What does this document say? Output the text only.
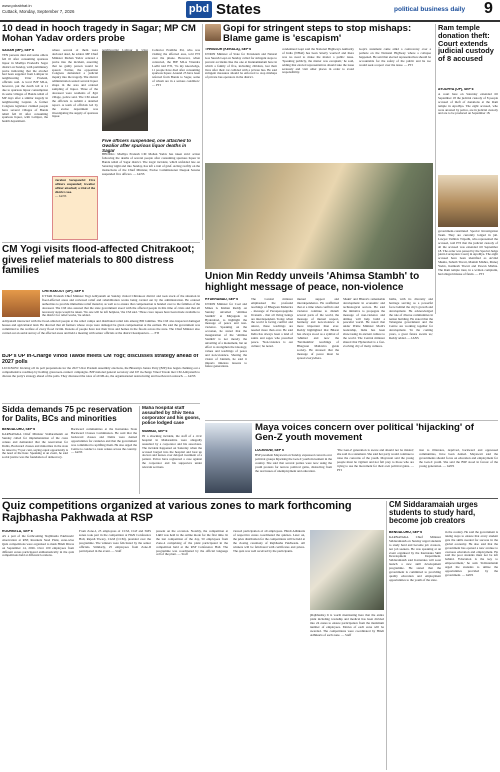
www.pdrabhat.in
Cuttack, Monday, September 7, 2026	pbd States	political business daily 9
10 dead in hooch tragedy in Sagar; MP CM Mohan Yadav orders probe
SAGAR (MP), SEP 6
TEN persons died and some others fell ill after consuming spurious liquor in Madhya Pradesh's Sagar district on Sunday, with preliminary probe indicating that the alcohol had been supplied from Lalitpur in neighbouring Uttar Pradesh, officials said. A local BJP MLA, however, put the death toll at 11 due to spurious liquor consumption in some villages of Banda tehsil of MP days after a similar tragedy in neighbouring Gujarat. A former Congress legislator claimed people have several villages of Banda tehsil fell ill after consuming spurious liquor, with Lalitpur, the health department.
where several of them were declared dead, he added. MP Chief Minister Mohan Yadav ordered a probe into the incident, asserting that no guilty person would be spared. Earlier, the opposition Congress demanded a judicial inquiry into the tragedy. The district administration sealed several liquor shops in the area and ordered sampling of liquor. Three of the deceased were residents of Jigri village, police said. The CM asked the officials to submit a detailed report. A team of officials led by the excise department was investigating the supply of spurious liquor.
Collector Pratibha Pal, who was visiting the affected area, told PTI over the phone. However, when contacted, the BJP MLA Virendra Lodhi told PTI, 'To my knowledge, 11 people have died after consuming spurious liquor. Around 25 have been referred from Banda to Sagar, some of whom are in a serious condition.' — PTI
Five officers suspended, one attached to Gwalior after spurious liquor deaths in Sagar
BHOPAL: Madhya Pradesh CM Mohan Yadav has taken strict action following the deaths of several people after consuming spurious liquor in Banda tehsil of Sagar district. The tragic incident, which unfolded late on Saturday night and into Sunday, has left a trail of grief. Acting swiftly on the instructions of the Chief Minister, Excise Commissioner Deepak Saxena suspended five officers. — IANS
Jarahut Sarapanchi: Five officers suspended; Gwalior officer attached; a trial of the district case.
— IANS
Gopi for stringent steps to stop mishaps: Blame game is 'escapism'
THRISSUR (KERALA), SEP 6
UNION Minister of State for Petroleum and Natural Gas Suresh Gopi on Sunday called for stringent steps to prevent accidents like the one at Kunnamkulam here in which a family of five, including children, lost their lives after their car collided with a private bus. He said stringent measures should be enforced to stop mishaps of private bus operators in the district.
condemned Gopi said the National Highways Authority of India (NHAI) has been 'utterly worried' and there was no need to make the matter a public issue. 'Speaking publicly, the matter was escapism,' he said, adding that elected representatives should take the issue seriously and visit other places in order to avoid responsibility.
Gopi's statement came amid a controversy over a pothole on the National Highway where a collapse happened. He said that elected representatives should be accountable for the safety of the public and he too would seek a report over the issue. — PTI
Ram temple donation theft: Court extends judicial custody of 8 accused
AYODHYA (UP), SEP 6
A court here on Saturday extended till September 18 the judicial custody of 8 people accused of theft of donations at the Ram temple in Ayodhya. The eight accused, who were arrested by police, are in judicial custody and are to be produced on September 18.
government-constituted Special Investigation Team. They are currently lodged in jail. Lawyer Vaibhav Tripathi, who represented the accused, told PTI that the judicial custody of all the accused was extended till September 18. The order was passed by the Special Judge (Anti-Corruption Court) in Ayodhya. The eight accused have been identified as Arvind Shukla, Suhaib Tiwari, Manish Mishra, Manoj Yadav, Kamlesh Tiwari and Pawan Mishra. The Ram temple trust, in a written complaint, had alleged misuse of funds. — PTI
Union Min Reddy unveils 'Ahimsa Stambh' to highlight message of peace, non-violence
HYDERABAD, SEP 6
UNION Minister for Coal and Mines G Kishan Reddy on Sunday unveiled 'Ahimsa Stambh' at Mirjaguda in Hyderabad, to highlight the message of peace and non-violence. Speaking on the occasion, he stated that the inauguration of the 'Ahimsa Stambh' is not merely the unveiling of a monument, but an effort to strengthen the ideology, values and teachings of peace and non-violence. Sharing the vision of Jainism, he said it imparts timeless lessons to future generations.
The Central minister emphasised the profound teachings of Bhagwan Mahavira - message of Parasparopagraho Jivanam - that all living beings are interdependent. Today, when the world is facing conflict and unrest, these teachings are needed more than ever. He said India has always been a land of saints and sages who preached peace. 'Non-violence is our culture,' he noted.
mutual support and interdependence. He reaffirmed that at a time when conflicts and violence continue to disturb several parts of the world, the message of mutual respect, harmony and non-violence is more important than ever. Reddy highlighted that Bharat has always stood as a symbol of 'Ahimsa' and now the 'Navmanthra' teachings of Bhagwan Mahavira guide society. He stressed that the message of peace must be spread everywhere.
Shakti' and Bharat's remarkable development in economic and technological sectors. He said the initiative to propagate the message of non-violence and ahimsa will help build a peaceful world. He noted that under Prime Minister Modi's leadership, India has been showcasing its ancient culture to the world. The Central minister shared that Hyderabad is a fast-evolving city of many cultures.
faiths, with its diversity and heritage serving as a powerful force behind the city's growth and development. He acknowledged the role of diverse communities in nation building. He stated that the Telangana government and the Centre are working together for development. 'In the coming years, a great future awaits us,' Reddy added. — IANS
CM Yogi visits flood-affected Chitrakoot; gives relief materials to 800 distress families
CHITRAKOOT (UP), SEP 6
UTTAR Pradesh Chief Minister Yogi Adityanath on Sunday visited Chitrakoot district and took stock of the situation in flood-affected areas and reviewed relief and rehabilitation works being carried out by the administration. He ordered authorities to provide immediate relief material, as well as to ensure that compensation is handed over to the families of the deceased. The CM also assured that the state government stood with the affected people in this time of crisis and that all necessary steps would be taken. 'No one will be left helpless,' the CM said. 'Three crore rupees have been made available to the district for relief works,' he added.
Adityanath interacted with the flood-affected people at the relief camps and distributed relief kits among 800 families. The CM also inspected damaged houses and agricultural land. He directed that all farmers whose crops were damaged be given compensation at the earliest. He said the government was committed to the welfare of every flood victim. Dozens of people have lost their lives and homes in the floods across the state. The Chief Minister also carried out an aerial survey of the affected areas and held a meeting with senior officials at the district headquarters. — PTI
BJP's UP In-Charge Vinod Tawde meets CM Yogi; discusses strategy ahead of 2027 polls
LUCKNOW: Kicking off its poll preparations for the 2027 Uttar Pradesh Assembly elections, the Bharatiya Janata Party (BJP) has begun chalking out a comprehensive roadmap by holding grassroots-connect campaigns. BJP national general secretary and UP in-charge Vinod Tawde met CM Adityanath to discuss the party's strategy ahead of the polls. They discussed the roles of all MLAs, the organisational restructuring and booth-level outreach. — IANS
Sidda demands 75 pc reservation for Dalits, BCs and minorities
BENGALURU, SEP 6
KARNATAKA Chief Minister Siddaramaiah on Sunday called for implementation of the caste census and demanded that the reservation for Dalits, Backward classes and minorities in the state be raised to 75 per cent, saying equal opportunity is the need of the hour. Speaking at an event, he said social justice was the foundation of democracy.
Backward communities at the Karnataka State Backward Classes Commission. He said that the backward classes and Dalits were denied opportunities for centuries and that the government was committed to uplifting them. He also urged the Centre to conduct a caste census across the country. — IANS
Maha hospital staff assaulted by Shiv Sena corporator and his goons, police lodged case
MUMBAI, SEP 6
IN a shocking incident, the staff of a civic hospital in Maharashtra were allegedly assaulted by a corporator and his associates. The incident happened on Saturday when the accused barged into the hospital and beat up doctors and nurses over delayed treatment of a patient. Police have registered a case against the corporator and his supporters under relevant sections.
Maya voices concern over political 'hijacking' of Gen-Z youth movement
LUCKNOW, SEP 6
BSP president Mayawati on Sunday expressed concern over political groups hijacking the Gen-Z youth movement in the country. She said that several parties were now using the youth protests for narrow political gains, distracting from the real issues of unemployment and education.
'The Gen-Z generation is aware and should not be misled,' she said in a statement. She said her party would continue to raise the concerns of the youth. Mayawati said the young people must be vigilant and not fall prey to those who are trying to use the movement for their own political gains. — PTI
tion to illiterates, deprived, backward and oppressed communities, have been denied. Mayawati said the governments should focus on education and employment for the Gen-Z youth. She said the BSP stood in favour of the young generation. — IANS
Quiz competitions organized at various zones to mark forthcoming Rajbhasha Pakhwada at RSP
ROURKELA, SEP 6
AS a part of the forthcoming 'Rajbhasha Pakhwada' observation at RSP, Rourkela Steel Plant, zone-wise Quiz competitions were organised to mark Hindi Diwas on September 14, 2026. Over 100 employees from different zones participated enthusiastically in the quiz competitions held at different locations.
From Zone-I, 25 employees of CCM, CGP and SMS zones took part in the competition at HAN Conference Hall, Rajesh Tiwary, CGM (CCM), presided over the programme. The winners were felicitated by the senior officials. Similarly, 25 employees from Zone-II participated in the event. — Staff
present on the occasion. Notably, the competition at L&D was held in the online mode for the first time. In the last competition of the day, 50 employees from Zone-4 comprising of the plant participated in the competition held at the RSP Conference Hall. The programme was coordinated by the official language cell of the plant. — Staff
viewed participation of all employees. Hindi Adhikaris of respective zones coordinated the quizzes. Later on, the prize distribution for the competitions will be held at the closing ceremony of Rajbhasha Pakhwada. All winners will be felicitated with certificates and prizes. The quiz was well received by the participants.
(Rajbhasha) It is worth mentioning here that the entire plant including township and medical has been divided into 24 zones to ensure participation from the maximum number of employees. Entries of each zone will be awarded. The competitions were coordinated by Hindi Adhikaris of each zone. — Staff
CM Siddaramaiah urges students to study hard, become job creators
BENGALURU, SEP 6
KARNATAKA Chief Minister Siddaramaiah on Sunday urged students to study hard and become job creators, not job seekers. He was speaking at an event organised by the Karnataka Skill Development Department. Siddaramaiah said Karnataka will soon launch a new skill development programme. He stated that the government is committed to providing quality education and employment opportunities to the youth of the state.
in the country. He said the government is taking steps to ensure that every student gets the skills needed for success in the global economy. He also said that the government has opened a new avenue to overseas education and employment. He said the poor students must not be left behind. 'Education is the key to empowerment,' he said. Siddaramaiah urged the students to utilise the opportunities provided by the government. — IANS
